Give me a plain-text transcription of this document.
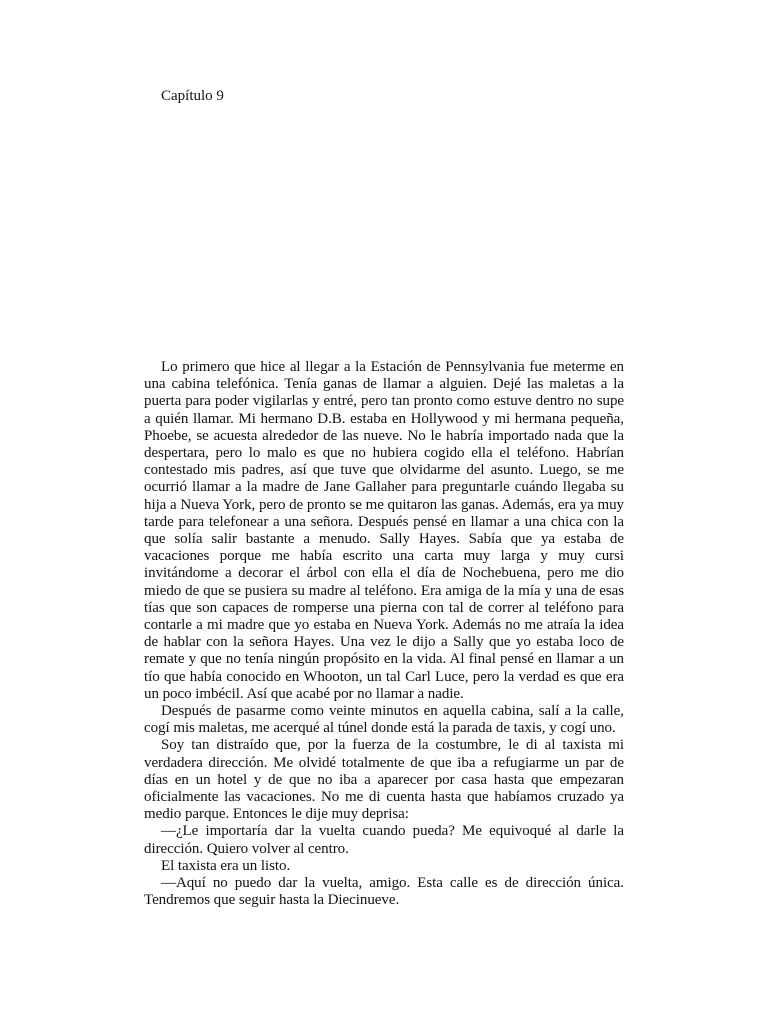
Capítulo 9

Lo primero que hice al llegar a la Estación de Pennsylvania fue meterme en una cabina telefónica. Tenía ganas de llamar a alguien. Dejé las maletas a la puerta para poder vigilarlas y entré, pero tan pronto como estuve dentro no supe a quién llamar. Mi hermano D.B. estaba en Hollywood y mi hermana pequeña, Phoebe, se acuesta alrededor de las nueve. No le habría importado nada que la despertara, pero lo malo es que no hubiera cogido ella el teléfono. Habrían contestado mis padres, así que tuve que olvidarme del asunto. Luego, se me ocurrió llamar a la madre de Jane Gallaher para preguntarle cuándo llegaba su hija a Nueva York, pero de pronto se me quitaron las ganas. Además, era ya muy tarde para telefonear a una señora. Después pensé en llamar a una chica con la que solía salir bastante a menudo. Sally Hayes. Sabía que ya estaba de vacaciones porque me había escrito una carta muy larga y muy cursi invitándome a decorar el árbol con ella el día de Nochebuena, pero me dio miedo de que se pusiera su madre al teléfono. Era amiga de la mía y una de esas tías que son capaces de romperse una pierna con tal de correr al teléfono para contarle a mi madre que yo estaba en Nueva York. Además no me atraía la idea de hablar con la señora Hayes. Una vez le dijo a Sally que yo estaba loco de remate y que no tenía ningún propósito en la vida. Al final pensé en llamar a un tío que había conocido en Whooton, un tal Carl Luce, pero la verdad es que era un poco imbécil. Así que acabé por no llamar a nadie.

Después de pasarme como veinte minutos en aquella cabina, salí a la calle, cogí mis maletas, me acerqué al túnel donde está la parada de taxis, y cogí uno.

Soy tan distraído que, por la fuerza de la costumbre, le di al taxista mi verdadera dirección. Me olvidé totalmente de que iba a refugiarme un par de días en un hotel y de que no iba a aparecer por casa hasta que empezaran oficialmente las vacaciones. No me di cuenta hasta que habíamos cruzado ya medio parque. Entonces le dije muy deprisa:

—¿Le importaría dar la vuelta cuando pueda? Me equivoqué al darle la dirección. Quiero volver al centro.

El taxista era un listo.

—Aquí no puedo dar la vuelta, amigo. Esta calle es de dirección única. Tendremos que seguir hasta la Diecinueve.
